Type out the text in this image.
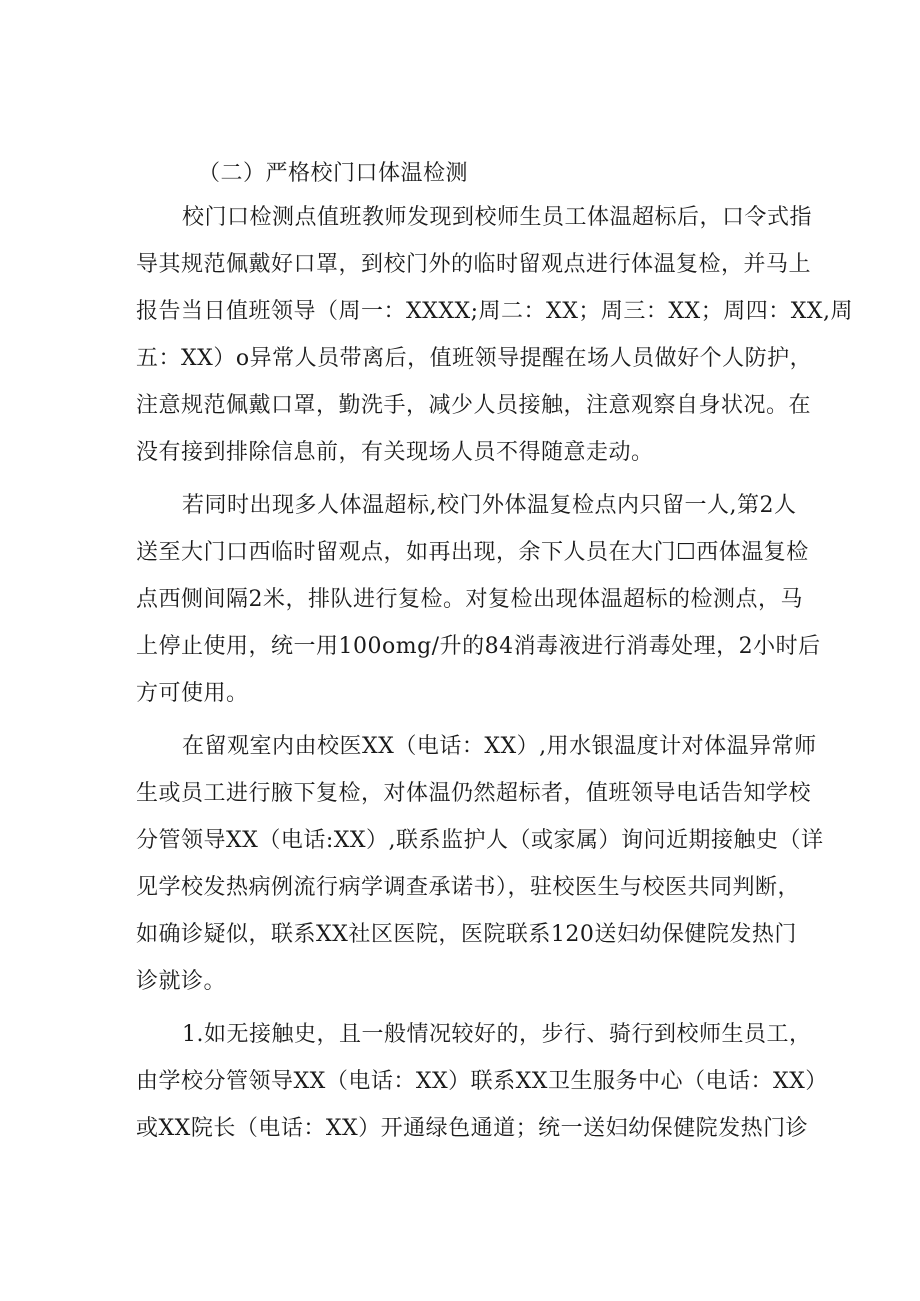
（二）严格校门口体温检测
校门口检测点值班教师发现到校师生员工体温超标后，口令式指
导其规范佩戴好口罩，到校门外的临时留观点进行体温复检，并马上
报告当日值班领导（周一：XXXX;周二：XX；周三：XX；周四：XX,周
五：XX）o异常人员带离后，值班领导提醒在场人员做好个人防护，
注意规范佩戴口罩，勤洗手，减少人员接触，注意观察自身状况。在
没有接到排除信息前，有关现场人员不得随意走动。
若同时出现多人体温超标,校门外体温复检点内只留一人,第2人
送至大门口西临时留观点，如再出现，余下人员在大门☐西体温复检
点西侧间隔2米，排队进行复检。对复检出现体温超标的检测点，马
上停止使用，统一用100omg/升的84消毒液进行消毒处理，2小时后
方可使用。
在留观室内由校医XX（电话：XX）,用水银温度计对体温异常师
生或员工进行腋下复检，对体温仍然超标者，值班领导电话告知学校
分管领导XX（电话:XX）,联系监护人（或家属）询问近期接触史（详
见学校发热病例流行病学调查承诺书），驻校医生与校医共同判断，
如确诊疑似，联系XX社区医院，医院联系120送妇幼保健院发热门
诊就诊。
1.如无接触史，且一般情况较好的，步行、骑行到校师生员工，
由学校分管领导XX（电话：XX）联系XX卫生服务中心（电话：XX）
或XX院长（电话：XX）开通绿色通道；统一送妇幼保健院发热门诊
